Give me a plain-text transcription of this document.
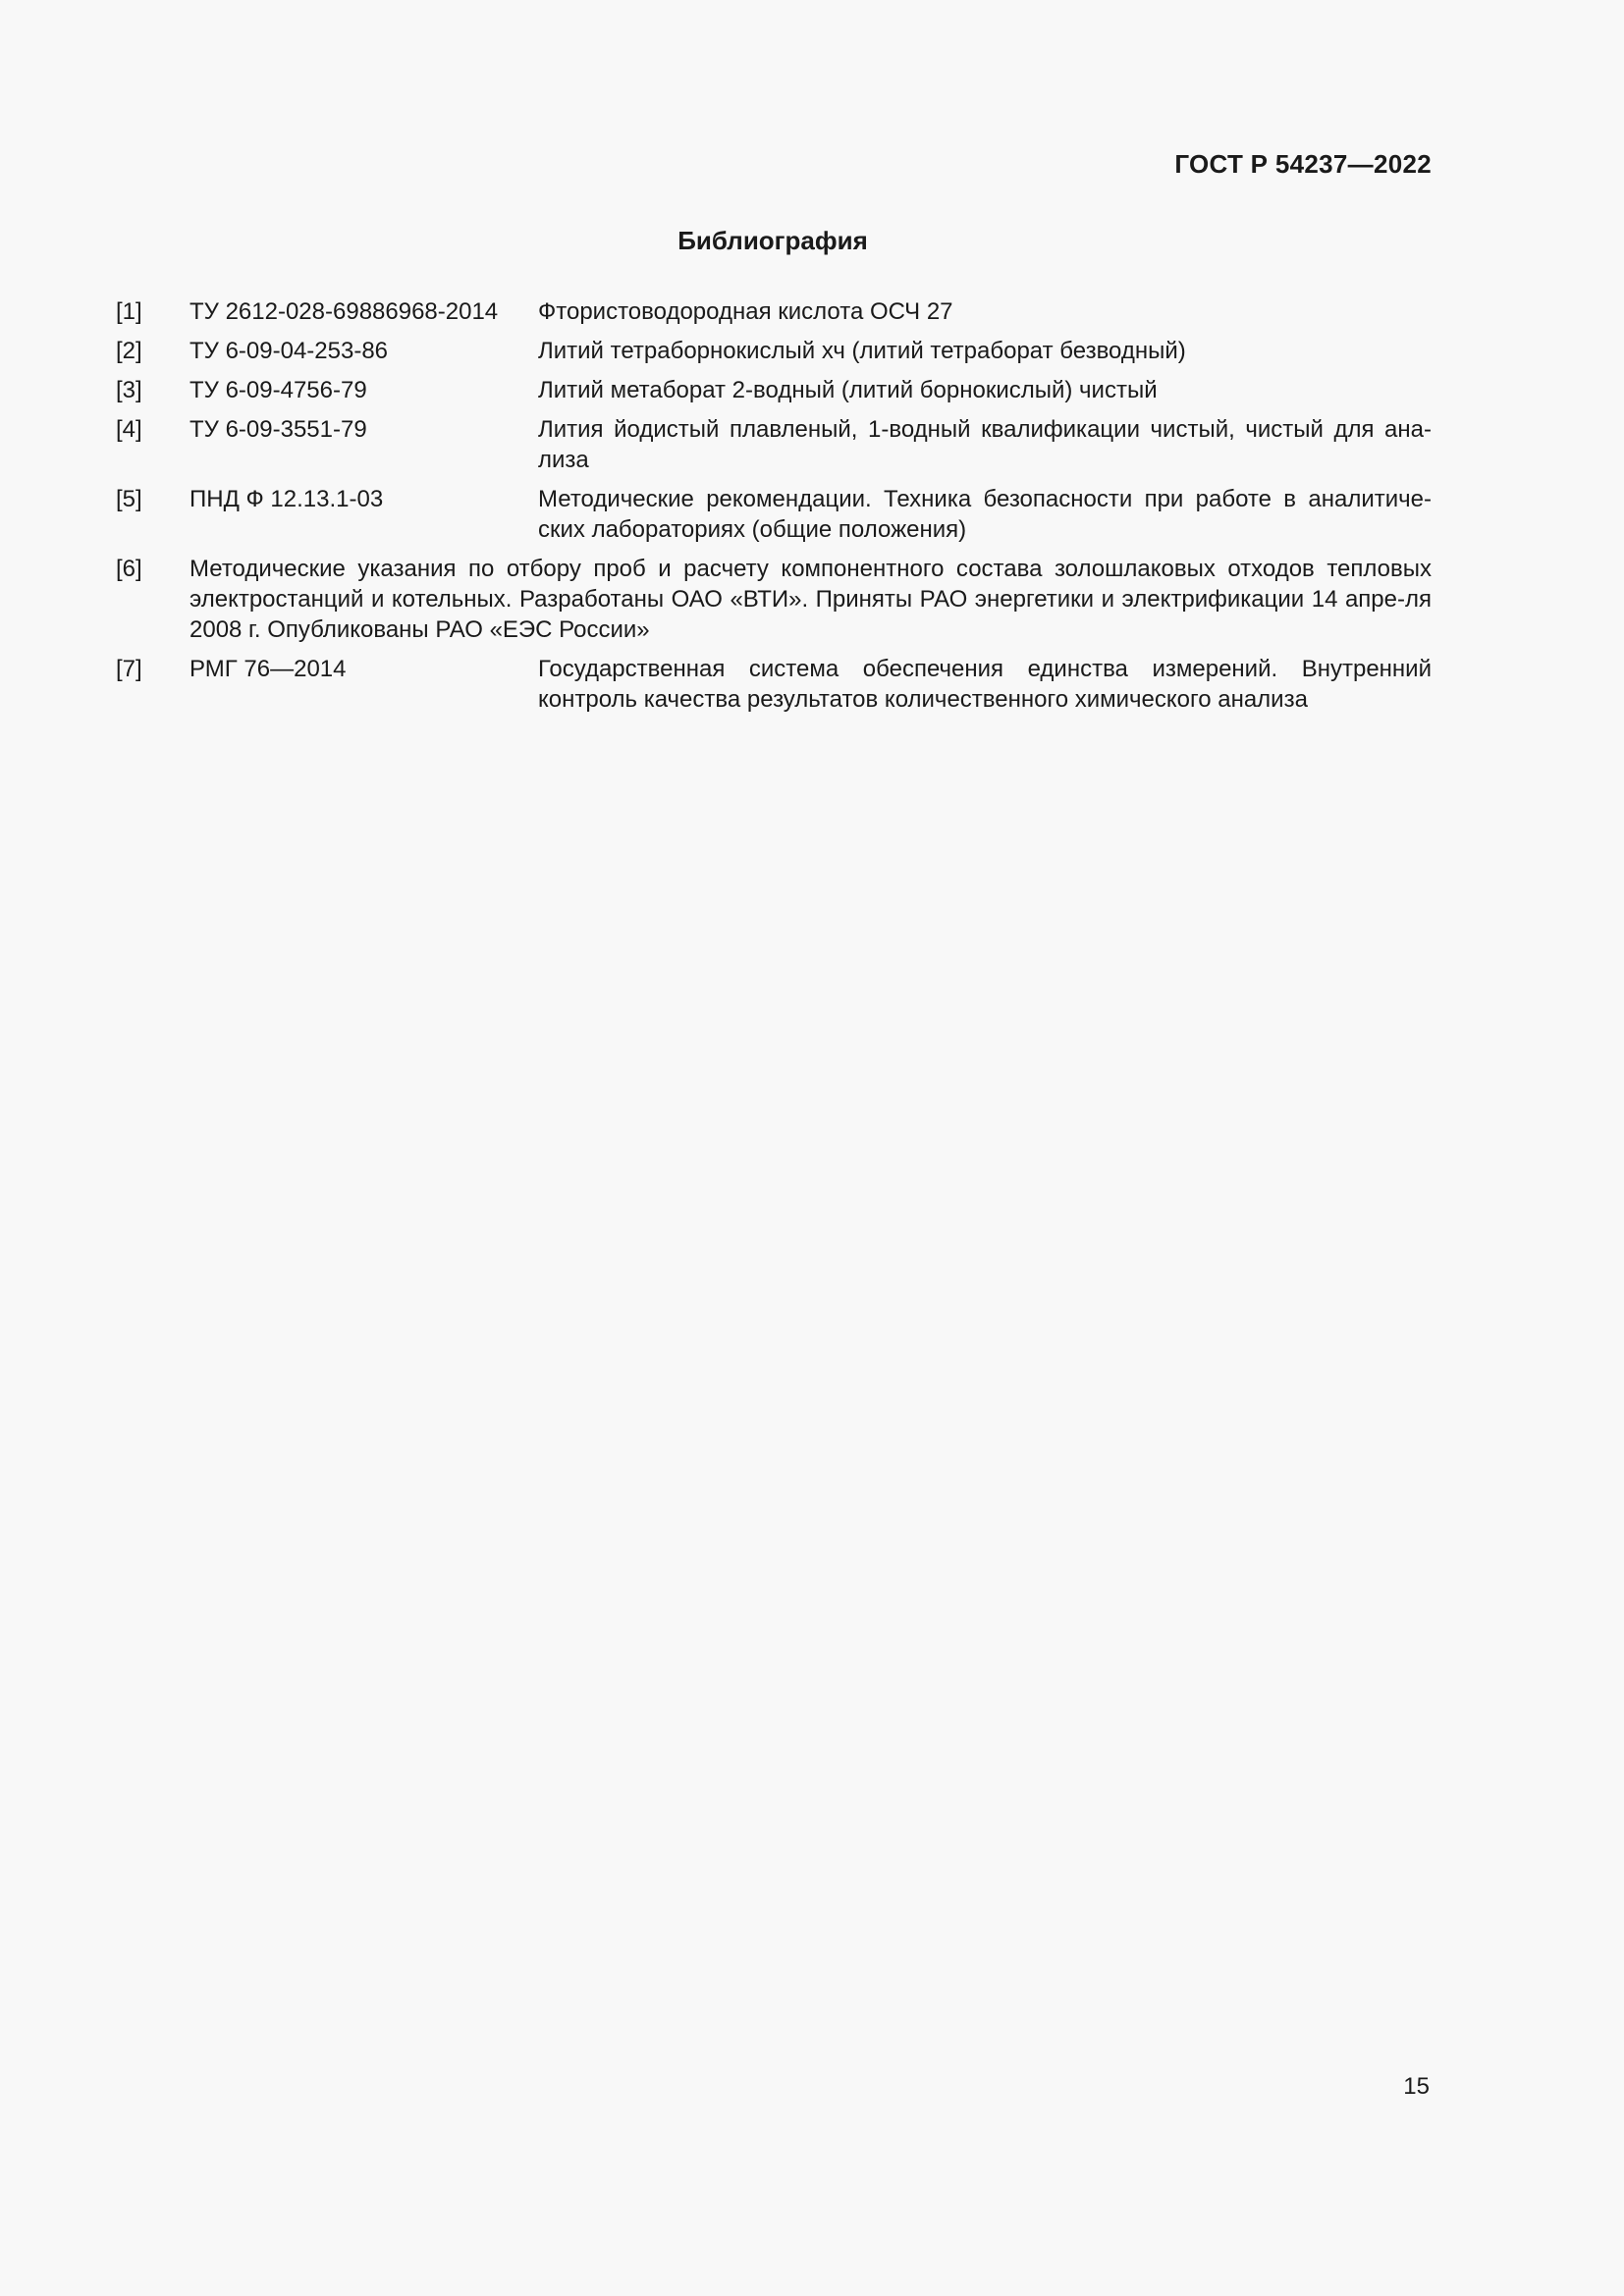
ГОСТ Р 54237—2022
Библиография
[1]	ТУ 2612-028-69886968-2014	Фтористоводородная кислота ОСЧ 27
[2]	ТУ 6-09-04-253-86	Литий тетраборнокислый хч (литий тетраборат безводный)
[3]	ТУ 6-09-4756-79	Литий метаборат 2-водный (литий борнокислый) чистый
[4]	ТУ 6-09-3551-79	Лития йодистый плавленый, 1-водный квалификации чистый, чистый для ана-лиза
[5]	ПНД Ф 12.13.1-03	Методические рекомендации. Техника безопасности при работе в аналитиче-ских лабораториях (общие положения)
[6]	Методические указания по отбору проб и расчету компонентного состава золошлаковых отходов тепловых электростанций и котельных. Разработаны ОАО «ВТИ». Приняты РАО энергетики и электрификации 14 апре-ля 2008 г. Опубликованы РАО «ЕЭС России»
[7]	РМГ 76—2014	Государственная система обеспечения единства измерений. Внутренний контроль качества результатов количественного химического анализа
15
